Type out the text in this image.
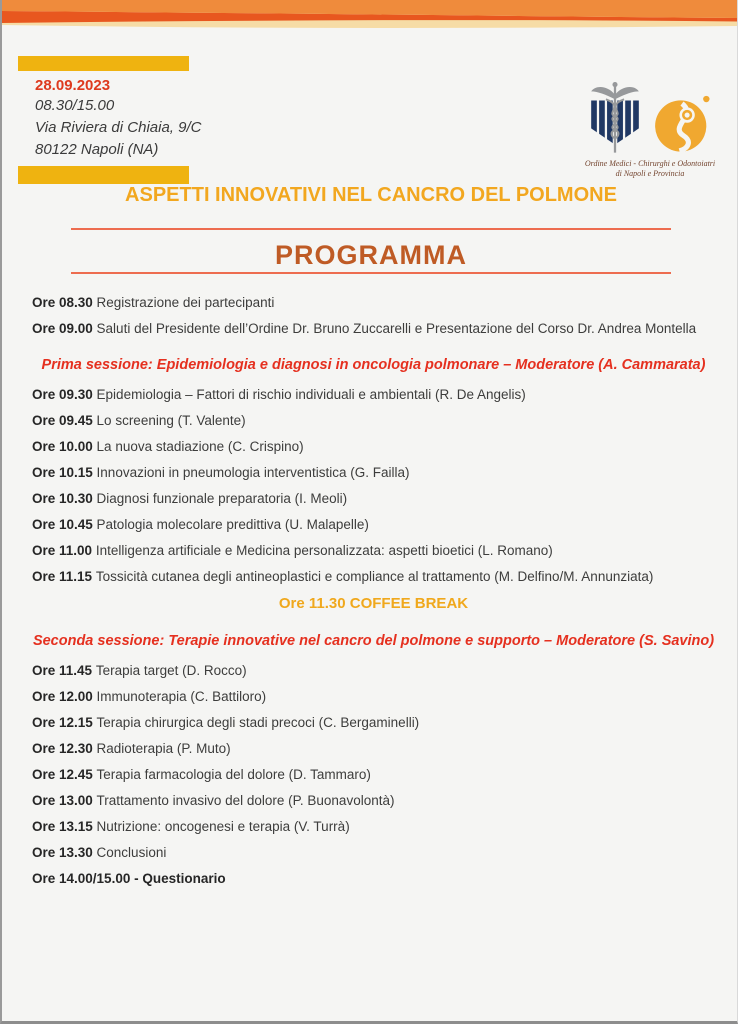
28.09.2023
08.30/15.00
Via Riviera di Chiaia, 9/C
80122 Napoli (NA)
Ordine Medici - Chirurghi e Odontoiatri
di Napoli e Provincia
ASPETTI INNOVATIVI NEL CANCRO DEL POLMONE
PROGRAMMA
Ore 08.30 Registrazione dei partecipanti
Ore 09.00 Saluti del Presidente dell’Ordine Dr. Bruno Zuccarelli e Presentazione del Corso Dr. Andrea Montella
Prima sessione: Epidemiologia e diagnosi in oncologia polmonare – Moderatore (A. Cammarata)
Ore 09.30 Epidemiologia – Fattori di rischio individuali e ambientali (R. De Angelis)
Ore 09.45 Lo screening (T. Valente)
Ore 10.00 La nuova stadiazione (C. Crispino)
Ore 10.15 Innovazioni in pneumologia interventistica (G. Failla)
Ore 10.30 Diagnosi funzionale preparatoria (I. Meoli)
Ore 10.45 Patologia molecolare predittiva (U. Malapelle)
Ore 11.00 Intelligenza artificiale e Medicina personalizzata: aspetti bioetici (L. Romano)
Ore 11.15 Tossicità cutanea degli antineoplastici e compliance al trattamento (M. Delfino/M. Annunziata)
Ore 11.30 COFFEE BREAK
Seconda sessione: Terapie innovative nel cancro del polmone e supporto – Moderatore (S. Savino)
Ore 11.45 Terapia target (D. Rocco)
Ore 12.00 Immunoterapia (C. Battiloro)
Ore 12.15 Terapia chirurgica degli stadi precoci (C. Bergaminelli)
Ore 12.30 Radioterapia (P. Muto)
Ore 12.45 Terapia farmacologia del dolore (D. Tammaro)
Ore 13.00 Trattamento invasivo del dolore (P. Buonavolontà)
Ore 13.15 Nutrizione: oncogenesi e terapia (V. Turrà)
Ore 13.30 Conclusioni
Ore 14.00/15.00 - Questionario
